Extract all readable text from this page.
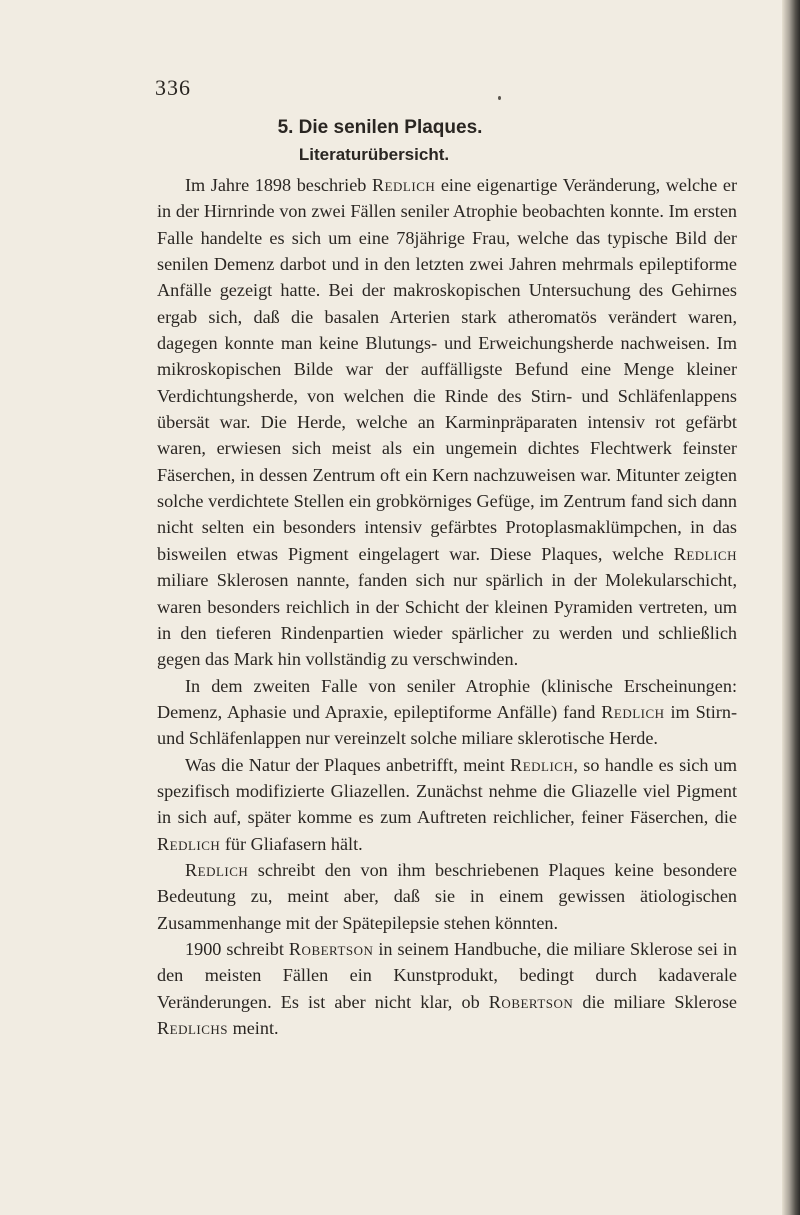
336
5. Die senilen Plaques.
Literaturübersicht.

Im Jahre 1898 beschrieb Redlich eine eigenartige Veränderung, welche er in der Hirnrinde von zwei Fällen seniler Atrophie beobachten konnte. Im ersten Falle handelte es sich um eine 78jährige Frau, welche das typische Bild der senilen Demenz darbot und in den letzten zwei Jahren mehrmals epileptiforme Anfälle gezeigt hatte. Bei der makroskopischen Untersuchung des Gehirnes ergab sich, daß die basalen Arterien stark atheromatös verändert waren, dagegen konnte man keine Blutungs- und Erweichungsherde nachweisen. Im mikroskopischen Bilde war der auffälligste Befund eine Menge kleiner Verdichtungsherde, von welchen die Rinde des Stirn- und Schläfenlappens übersät war. Die Herde, welche an Karminpräparaten intensiv rot gefärbt waren, erwiesen sich meist als ein ungemein dichtes Flechtwerk feinster Fäserchen, in dessen Zentrum oft ein Kern nachzuweisen war. Mitunter zeigten solche verdichtete Stellen ein grobkörniges Gefüge, im Zentrum fand sich dann nicht selten ein besonders intensiv gefärbtes Protoplasmaklümpchen, in das bisweilen etwas Pigment eingelagert war. Diese Plaques, welche Redlich miliare Sklerosen nannte, fanden sich nur spärlich in der Molekularschicht, waren besonders reichlich in der Schicht der kleinen Pyramiden vertreten, um in den tieferen Rindenpartien wieder spärlicher zu werden und schließlich gegen das Mark hin vollständig zu verschwinden.

In dem zweiten Falle von seniler Atrophie (klinische Erscheinungen: Demenz, Aphasie und Apraxie, epileptiforme Anfälle) fand Redlich im Stirn- und Schläfenlappen nur vereinzelt solche miliare sklerotische Herde.

Was die Natur der Plaques anbetrifft, meint Redlich, so handle es sich um spezifisch modifizierte Gliazellen. Zunächst nehme die Gliazelle viel Pigment in sich auf, später komme es zum Auftreten reichlicher, feiner Fäserchen, die Redlich für Gliafasern hält.

Redlich schreibt den von ihm beschriebenen Plaques keine besondere Bedeutung zu, meint aber, daß sie in einem gewissen ätiologischen Zusammenhange mit der Spätepilepsie stehen könnten.

1900 schreibt Robertson in seinem Handbuche, die miliare Sklerose sei in den meisten Fällen ein Kunstprodukt, bedingt durch kadaverale Veränderungen. Es ist aber nicht klar, ob Robertson die miliare Sklerose Redlichs meint.
